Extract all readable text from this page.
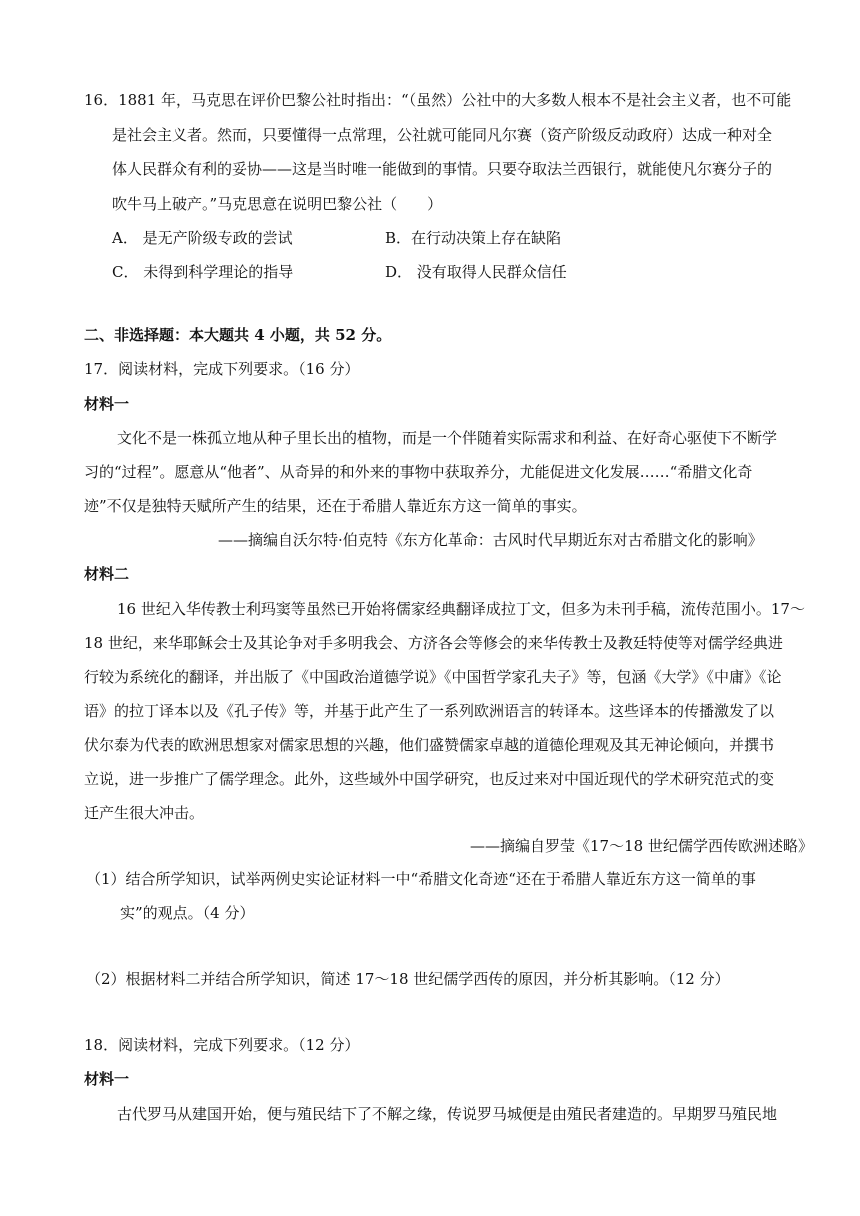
16．1881 年，马克思在评价巴黎公社时指出：“（虽然）公社中的大多数人根本不是社会主义者，也不可能
是社会主义者。然而，只要懂得一点常理，公社就可能同凡尔赛（资产阶级反动政府）达成一种对全
体人民群众有利的妥协——这是当时唯一能做到的事情。只要夺取法兰西银行，就能使凡尔赛分子的
吹牛马上破产。”马克思意在说明巴黎公社（　　）
A． 是无产阶级专政的尝试	B．在行动决策上存在缺陷
C． 未得到科学理论的指导	D． 没有取得人民群众信任
二、非选择题：本大题共 4 小题，共 52 分。
17．阅读材料，完成下列要求。（16 分）
材料一
文化不是一株孤立地从种子里长出的植物，而是一个伴随着实际需求和利益、在好奇心驱使下不断学
习的“过程”。愿意从“他者”、从奇异的和外来的事物中获取养分，尤能促进文化发展……“希腊文化奇
迹”不仅是独特天赋所产生的结果，还在于希腊人靠近东方这一简单的事实。
——摘编自沃尔特·伯克特《东方化革命：古风时代早期近东对古希腊文化的影响》
材料二
16 世纪入华传教士利玛窦等虽然已开始将儒家经典翻译成拉丁文，但多为未刊手稿，流传范围小。17～
18 世纪，来华耶稣会士及其论争对手多明我会、方济各会等修会的来华传教士及教廷特使等对儒学经典进
行较为系统化的翻译，并出版了《中国政治道德学说》《中国哲学家孔夫子》等，包涵《大学》《中庸》《论
语》的拉丁译本以及《孔子传》等，并基于此产生了一系列欧洲语言的转译本。这些译本的传播激发了以
伏尔泰为代表的欧洲思想家对儒家思想的兴趣，他们盛赞儒家卓越的道德伦理观及其无神论倾向，并撰书
立说，进一步推广了儒学理念。此外，这些域外中国学研究，也反过来对中国近现代的学术研究范式的变
迁产生很大冲击。
——摘编自罗莹《17～18 世纪儒学西传欧洲述略》
（1）结合所学知识，试举两例史实论证材料一中“希腊文化奇迹“还在于希腊人靠近东方这一简单的事
实”的观点。（4 分）
（2）根据材料二并结合所学知识，简述 17～18 世纪儒学西传的原因，并分析其影响。（12 分）
18．阅读材料，完成下列要求。（12 分）
材料一
古代罗马从建国开始，便与殖民结下了不解之缘，传说罗马城便是由殖民者建造的。早期罗马殖民地
